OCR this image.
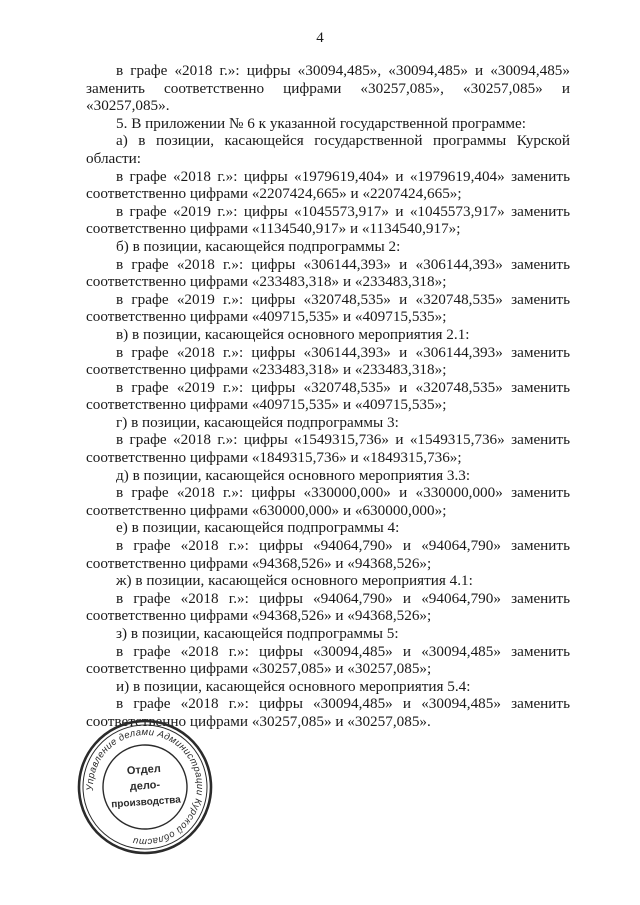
4

в графе «2018 г.»: цифры «30094,485», «30094,485» и «30094,485» заменить соответственно цифрами «30257,085», «30257,085» и «30257,085».

5. В приложении № 6 к указанной государственной программе:

а) в позиции, касающейся государственной программы Курской области:

в графе «2018 г.»: цифры «1979619,404» и «1979619,404» заменить соответственно цифрами «2207424,665» и «2207424,665»;

в графе «2019 г.»: цифры «1045573,917» и «1045573,917» заменить соответственно цифрами «1134540,917» и «1134540,917»;

б) в позиции, касающейся подпрограммы 2:

в графе «2018 г.»: цифры «306144,393» и «306144,393» заменить соответственно цифрами «233483,318» и «233483,318»;

в графе «2019 г.»: цифры «320748,535» и «320748,535» заменить соответственно цифрами «409715,535» и «409715,535»;

в) в позиции, касающейся основного мероприятия 2.1:

в графе «2018 г.»: цифры «306144,393» и «306144,393» заменить соответственно цифрами «233483,318» и «233483,318»;

в графе «2019 г.»: цифры «320748,535» и «320748,535» заменить соответственно цифрами «409715,535» и «409715,535»;

г) в позиции, касающейся подпрограммы 3:

в графе «2018 г.»: цифры «1549315,736» и «1549315,736» заменить соответственно цифрами «1849315,736» и «1849315,736»;

д) в позиции, касающейся основного мероприятия 3.3:

в графе «2018 г.»: цифры «330000,000» и «330000,000» заменить соответственно цифрами «630000,000» и «630000,000»;

е) в позиции, касающейся подпрограммы 4:

в графе «2018 г.»: цифры «94064,790» и «94064,790» заменить соответственно цифрами «94368,526» и «94368,526»;

ж) в позиции, касающейся основного мероприятия 4.1:

в графе «2018 г.»: цифры «94064,790» и «94064,790» заменить соответственно цифрами «94368,526» и «94368,526»;

з) в позиции, касающейся подпрограммы 5:

в графе «2018 г.»: цифры «30094,485» и «30094,485» заменить соответственно цифрами «30257,085» и «30257,085»;

и) в позиции, касающейся основного мероприятия 5.4:

в графе «2018 г.»: цифры «30094,485» и «30094,485» заменить соответственно цифрами «30257,085» и «30257,085».

Управление делами Администрации Курской области
Отдел
дело-
производства
